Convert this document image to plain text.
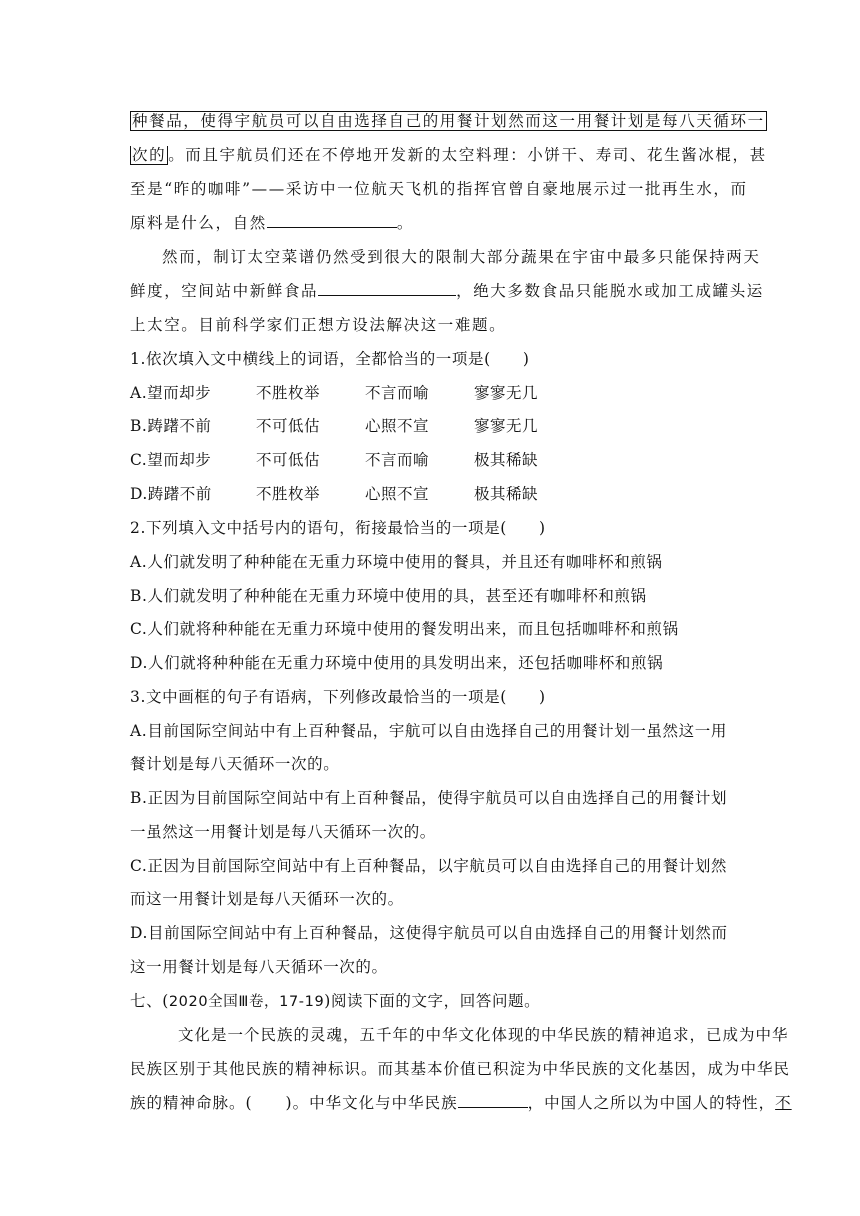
种餐品，使得宇航员可以自由选择自己的用餐计划然而这一用餐计划是每八天循环一
次的 。而且宇航员们还在不停地开发新的太空料理：小饼干、寿司、花生酱冰棍，甚
至是“昨的咖啡”——采访中一位航天飞机的指挥官曾自豪地展示过一批再生水，而
原料是什么，自然	。
然而，制订太空菜谱仍然受到很大的限制大部分蔬果在宇宙中最多只能保持两天
鲜度，空间站中新鲜食品	，绝大多数食品只能脱水或加工成罐头运
上太空。目前科学家们正想方设法解决这一难题。
1.依次填入文中横线上的词语，全都恰当的一项是(　　)
A.望而却步	不胜枚举	不言而喻	寥寥无几
B.踌躇不前	不可低估	心照不宣	寥寥无几
C.望而却步	不可低估	不言而喻	极其稀缺
D.踌躇不前	不胜枚举	心照不宣	极其稀缺
2.下列填入文中括号内的语句，衔接最恰当的一项是(　　)
A.人们就发明了种种能在无重力环境中使用的餐具，并且还有咖啡杯和煎锅
B.人们就发明了种种能在无重力环境中使用的具，甚至还有咖啡杯和煎锅
C.人们就将种种能在无重力环境中使用的餐发明出来，而且包括咖啡杯和煎锅
D.人们就将种种能在无重力环境中使用的具发明出来，还包括咖啡杯和煎锅
3.文中画框的句子有语病，下列修改最恰当的一项是(　　)
A.目前国际空间站中有上百种餐品，宇航可以自由选择自己的用餐计划一虽然这一用
餐计划是每八天循环一次的。
B.正因为目前国际空间站中有上百种餐品，使得宇航员可以自由选择自己的用餐计划
一虽然这一用餐计划是每八天循环一次的。
C.正因为目前国际空间站中有上百种餐品，以宇航员可以自由选择自己的用餐计划然
而这一用餐计划是每八天循环一次的。
D.目前国际空间站中有上百种餐品，这使得宇航员可以自由选择自己的用餐计划然而
这一用餐计划是每八天循环一次的。
七、(2020全国Ⅲ卷，17-19)阅读下面的文字，回答问题。
文化是一个民族的灵魂，五千年的中华文化体现的中华民族的精神追求，已成为中华
民族区别于其他民族的精神标识。而其基本价值已积淀为中华民族的文化基因，成为中华民
族的精神命脉。(　　)。中华文化与中华民族	，中国人之所以为中国人的特性，不
